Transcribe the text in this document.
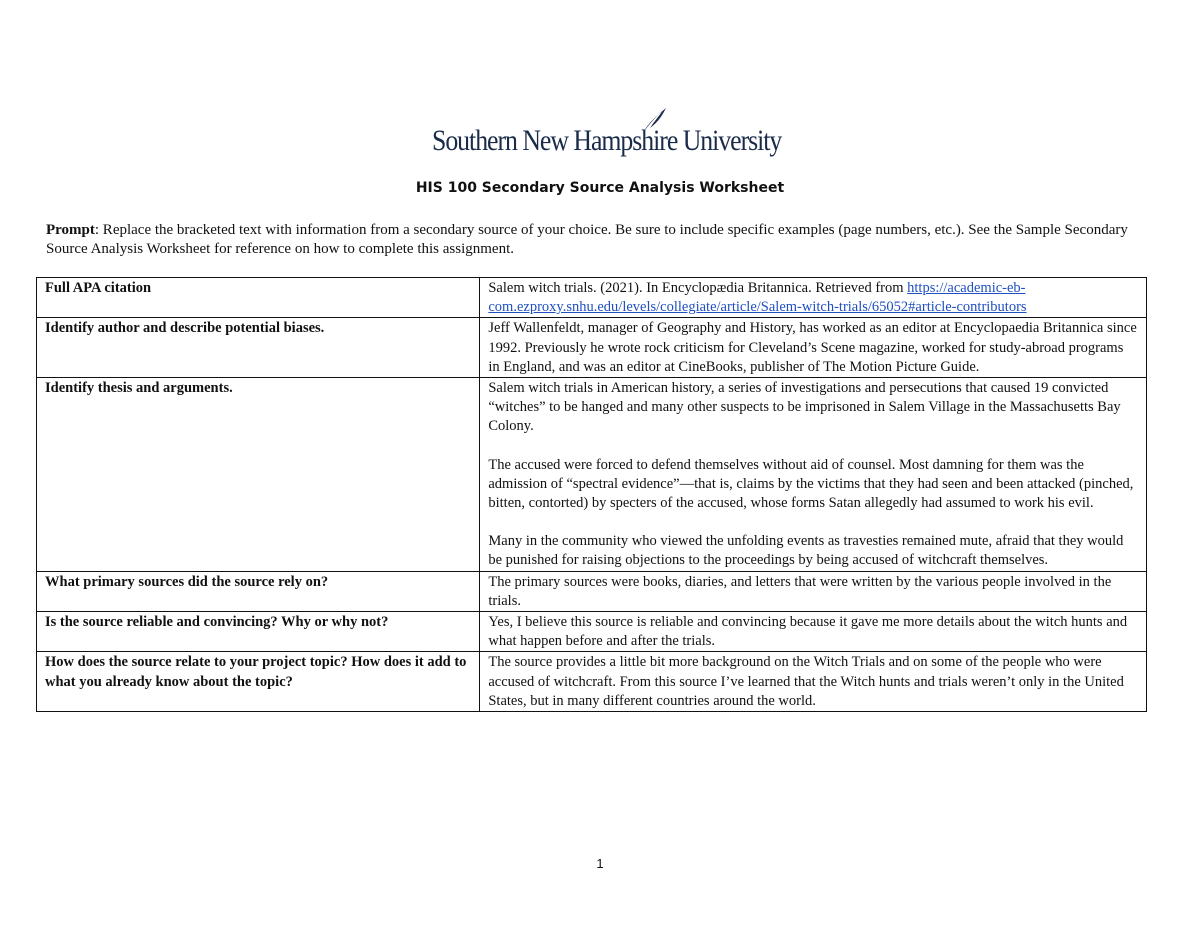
Southern New Hampshire University
HIS 100 Secondary Source Analysis Worksheet
Prompt: Replace the bracketed text with information from a secondary source of your choice. Be sure to include specific examples (page numbers, etc.). See the Sample Secondary Source Analysis Worksheet for reference on how to complete this assignment.
Full APA citation	Salem witch trials. (2021). In Encyclopædia Britannica. Retrieved from https://academic-eb-com.ezproxy.snhu.edu/levels/collegiate/article/Salem-witch-trials/65052#article-contributors
Identify author and describe potential biases.	Jeff Wallenfeldt, manager of Geography and History, has worked as an editor at Encyclopaedia Britannica since 1992. Previously he wrote rock criticism for Cleveland’s Scene magazine, worked for study-abroad programs in England, and was an editor at CineBooks, publisher of The Motion Picture Guide.
Identify thesis and arguments.	Salem witch trials in American history, a series of investigations and persecutions that caused 19 convicted “witches” to be hanged and many other suspects to be imprisoned in Salem Village in the Massachusetts Bay Colony.
The accused were forced to defend themselves without aid of counsel. Most damning for them was the admission of “spectral evidence”—that is, claims by the victims that they had seen and been attacked (pinched, bitten, contorted) by specters of the accused, whose forms Satan allegedly had assumed to work his evil.
Many in the community who viewed the unfolding events as travesties remained mute, afraid that they would be punished for raising objections to the proceedings by being accused of witchcraft themselves.

What primary sources did the source rely on?	The primary sources were books, diaries, and letters that were written by the various people involved in the trials.
Is the source reliable and convincing? Why or why not?	Yes, I believe this source is reliable and convincing because it gave me more details about the witch hunts and what happen before and after the trials.
How does the source relate to your project topic? How does it add to what you already know about the topic?	The source provides a little bit more background on the Witch Trials and on some of the people who were accused of witchcraft. From this source I’ve learned that the Witch hunts and trials weren’t only in the United States, but in many different countries around the world.
1
